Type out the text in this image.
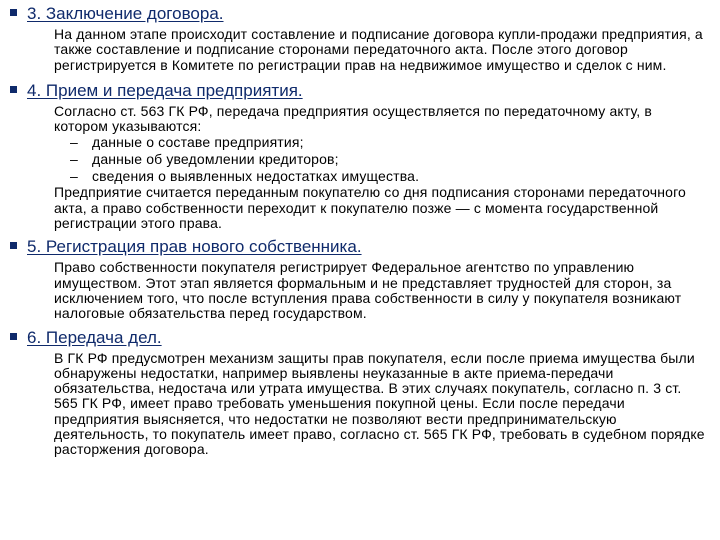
3. Заключение договора.

На данном этапе происходит составление и подписание договора купли-продажи предприятия, а также составление и подписание сторонами передаточного акта. После этого договор регистрируется в Комитете по регистрации прав на недвижимое имущество и сделок с ним.

4. Прием и передача предприятия.

Согласно ст. 563 ГК РФ, передача предприятия осуществляется по передаточному акту, в котором указываются:

– данные о составе предприятия;
– данные об уведомлении кредиторов;
– сведения о выявленных недостатках имущества.

Предприятие считается переданным покупателю со дня подписания сторонами передаточного акта, а право собственности переходит к покупателю позже — с момента государственной регистрации этого права.

5. Регистрация прав нового собственника.

Право собственности покупателя регистрирует Федеральное агентство по управлению имуществом. Этот этап является формальным и не представляет трудностей для сторон, за исключением того, что после вступления права собственности в силу у покупателя возникают налоговые обязательства перед государством.

6. Передача дел.

В ГК РФ предусмотрен механизм защиты прав покупателя, если после приема имущества были обнаружены недостатки, например выявлены неуказанные в акте приема-передачи обязательства, недостача или утрата имущества. В этих случаях покупатель, согласно п. 3 ст. 565 ГК РФ, имеет право требовать уменьшения покупной цены. Если после передачи предприятия выясняется, что недостатки не позволяют вести предпринимательскую деятельность, то покупатель имеет право, согласно ст. 565 ГК РФ, требовать в судебном порядке расторжения договора.
